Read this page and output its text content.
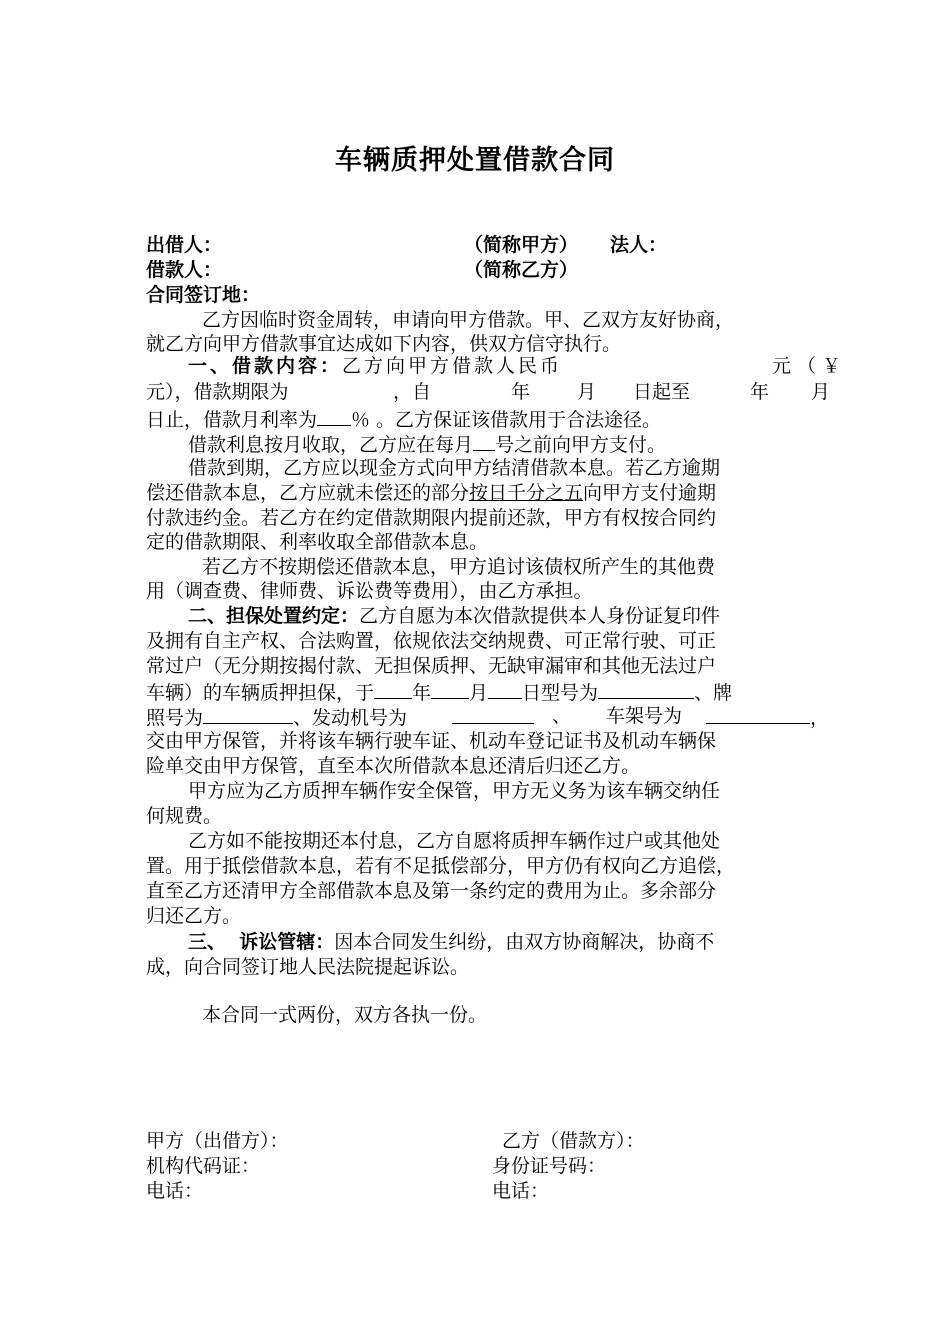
车辆质押处置借款合同
出借人：	（简称甲方） 法人：
借款人：	（简称乙方）
合同签订地：
乙方因临时资金周转，申请向甲方借款。甲、乙双方友好协商，
就乙方向甲方借款事宜达成如下内容，供双方信守执行。
一、借款内容：乙方向甲方借款人民币	元（￥
元），借款期限为	，自	年 月 日起至	年 月
日止，借款月利率为 ％ 。乙方保证该借款用于合法途径。
借款利息按月收取，乙方应在每月 号之前向甲方支付。
借款到期，乙方应以现金方式向甲方结清借款本息。若乙方逾期
偿还借款本息，乙方应就未偿还的部分按日千分之五向甲方支付逾期
付款违约金。若乙方在约定借款期限内提前还款，甲方有权按合同约
定的借款期限、利率收取全部借款本息。
若乙方不按期偿还借款本息，甲方追讨该债权所产生的其他费
用（调查费、律师费、诉讼费等费用），由乙方承担。
二、担保处置约定：乙方自愿为本次借款提供本人身份证复印件
及拥有自主产权、合法购置，依规依法交纳规费、可正常行驶、可正
常过户（无分期按揭付款、无担保质押、无缺审漏审和其他无法过户
车辆）的车辆质押担保，于 年 月 日型号为	、牌
照号为	、发动机号为	、 车架号为	，
交由甲方保管，并将该车辆行驶车证、机动车登记证书及机动车辆保
险单交由甲方保管，直至本次所借款本息还清后归还乙方。
甲方应为乙方质押车辆作安全保管，甲方无义务为该车辆交纳任
何规费。
乙方如不能按期还本付息，乙方自愿将质押车辆作过户或其他处
置。用于抵偿借款本息，若有不足抵偿部分，甲方仍有权向乙方追偿，
直至乙方还清甲方全部借款本息及第一条约定的费用为止。多余部分
归还乙方。
三、  诉讼管辖：因本合同发生纠纷，由双方协商解决，协商不
成，向合同签订地人民法院提起诉讼。
本合同一式两份，双方各执一份。
甲方（出借方）：	乙方（借款方）：
机构代码证：	身份证号码：
电话：	电话：
